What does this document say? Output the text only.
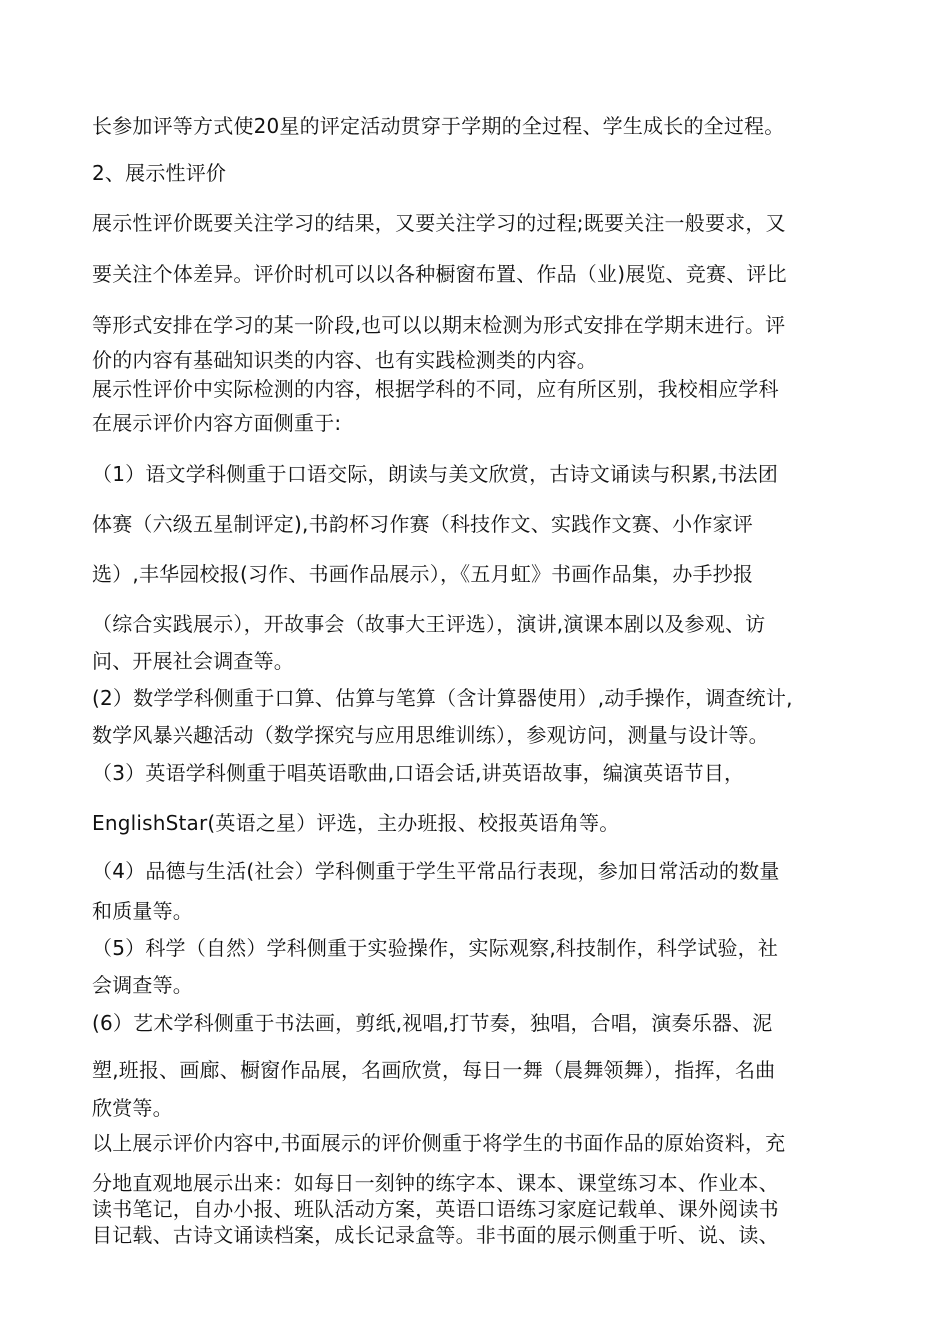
长参加评等方式使20星的评定活动贯穿于学期的全过程、学生成长的全过程。
2、展示性评价
展示性评价既要关注学习的结果，又要关注学习的过程;既要关注一般要求，又
要关注个体差异。评价时机可以以各种橱窗布置、作品（业)展览、竞赛、评比
等形式安排在学习的某一阶段,也可以以期末检测为形式安排在学期末进行。评
价的内容有基础知识类的内容、也有实践检测类的内容。
展示性评价中实际检测的内容，根据学科的不同，应有所区别，我校相应学科
在展示评价内容方面侧重于:
（1）语文学科侧重于口语交际，朗读与美文欣赏，古诗文诵读与积累,书法团
体赛（六级五星制评定),书韵杯习作赛（科技作文、实践作文赛、小作家评
选）,丰华园校报(习作、书画作品展示），《五月虹》书画作品集，办手抄报
（综合实践展示），开故事会（故事大王评选），演讲,演课本剧以及参观、访
问、开展社会调查等。
(2）数学学科侧重于口算、估算与笔算（含计算器使用）,动手操作，调查统计,
数学风暴兴趣活动（数学探究与应用思维训练），参观访问，测量与设计等。
（3）英语学科侧重于唱英语歌曲,口语会话,讲英语故事，编演英语节目，
EnglishStar(英语之星）评选，主办班报、校报英语角等。
（4）品德与生活(社会）学科侧重于学生平常品行表现，参加日常活动的数量
和质量等。
（5）科学（自然）学科侧重于实验操作，实际观察,科技制作，科学试验，社
会调查等。
(6）艺术学科侧重于书法画，剪纸,视唱,打节奏，独唱，合唱，演奏乐器、泥
塑,班报、画廊、橱窗作品展，名画欣赏，每日一舞（晨舞领舞），指挥，名曲
欣赏等。
以上展示评价内容中,书面展示的评价侧重于将学生的书面作品的原始资料，充
分地直观地展示出来：如每日一刻钟的练字本、课本、课堂练习本、作业本、
读书笔记，自办小报、班队活动方案，英语口语练习家庭记载单、课外阅读书
目记载、古诗文诵读档案，成长记录盒等。非书面的展示侧重于听、说、读、
